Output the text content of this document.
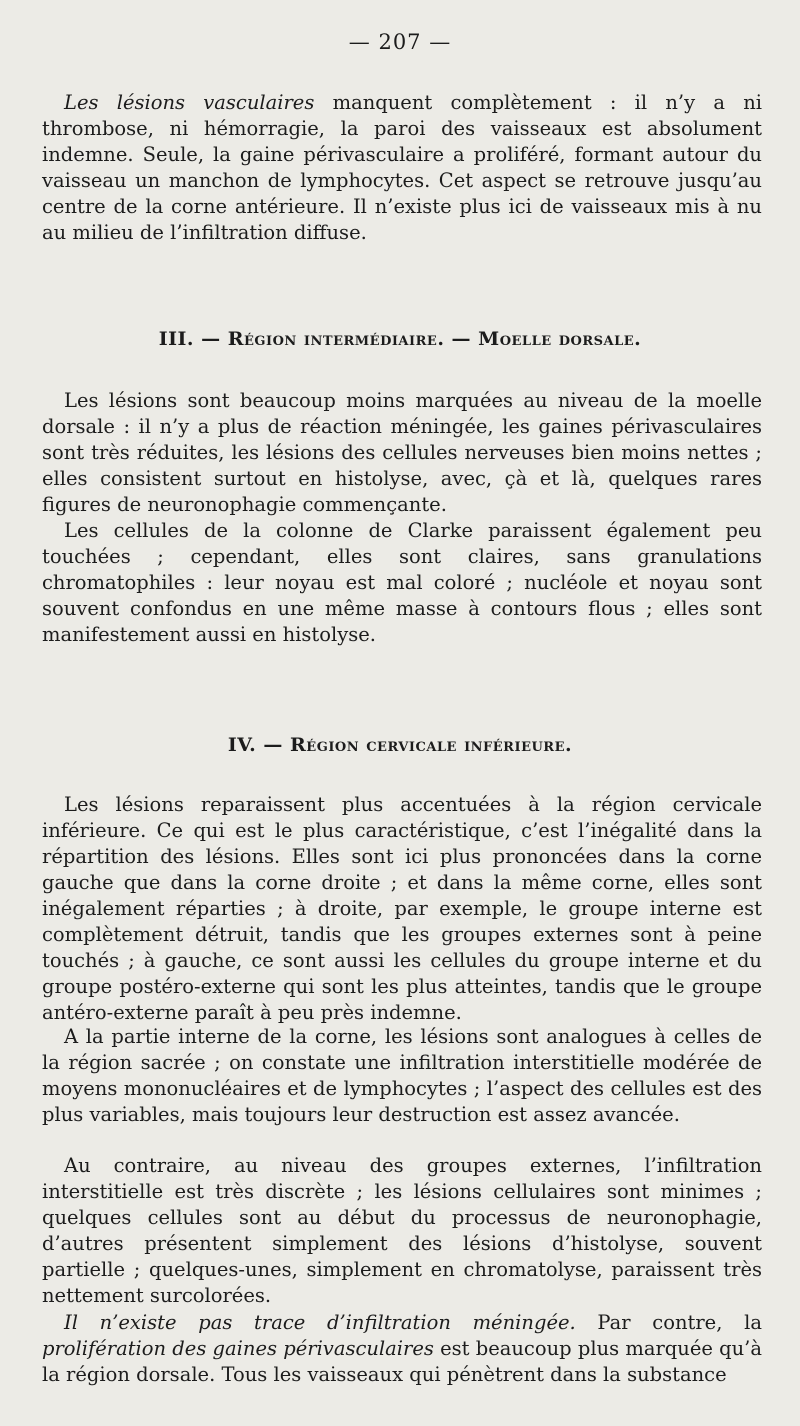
— 207 —

Les lésions vasculaires manquent complètement : il n’y a ni thrombose, ni hémorragie, la paroi des vaisseaux est absolument indemne. Seule, la gaine périvasculaire a proliféré, formant autour du vaisseau un manchon de lymphocytes. Cet aspect se retrouve jusqu’au centre de la corne antérieure. Il n’existe plus ici de vaisseaux mis à nu au milieu de l’infiltration diffuse.

III. — Région intermédiaire. — Moelle dorsale.

Les lésions sont beaucoup moins marquées au niveau de la moelle dorsale : il n’y a plus de réaction méningée, les gaines périvasculaires sont très réduites, les lésions des cellules nerveuses bien moins nettes ; elles consistent surtout en histolyse, avec, çà et là, quelques rares figures de neuronophagie commençante.

Les cellules de la colonne de Clarke paraissent également peu touchées ; cependant, elles sont claires, sans granulations chromatophiles : leur noyau est mal coloré ; nucléole et noyau sont souvent confondus en une même masse à contours flous ; elles sont manifestement aussi en histolyse.

IV. — Région cervicale inférieure.

Les lésions reparaissent plus accentuées à la région cervicale inférieure. Ce qui est le plus caractéristique, c’est l’inégalité dans la répartition des lésions. Elles sont ici plus prononcées dans la corne gauche que dans la corne droite ; et dans la même corne, elles sont inégalement réparties ; à droite, par exemple, le groupe interne est complètement détruit, tandis que les groupes externes sont à peine touchés ; à gauche, ce sont aussi les cellules du groupe interne et du groupe postéro-externe qui sont les plus atteintes, tandis que le groupe antéro-externe paraît à peu près indemne.

A la partie interne de la corne, les lésions sont analogues à celles de la région sacrée ; on constate une infiltration interstitielle modérée de moyens mononucléaires et de lymphocytes ; l’aspect des cellules est des plus variables, mais toujours leur destruction est assez avancée.

Au contraire, au niveau des groupes externes, l’infiltration interstitielle est très discrète ; les lésions cellulaires sont minimes ; quelques cellules sont au début du processus de neuronophagie, d’autres présentent simplement des lésions d’histolyse, souvent partielle ; quelques-unes, simplement en chromatolyse, paraissent très nettement surcolorées.

Il n’existe pas trace d’infiltration méningée. Par contre, la prolifération des gaines périvasculaires est beaucoup plus marquée qu’à la région dorsale. Tous les vaisseaux qui pénètrent dans la substance
